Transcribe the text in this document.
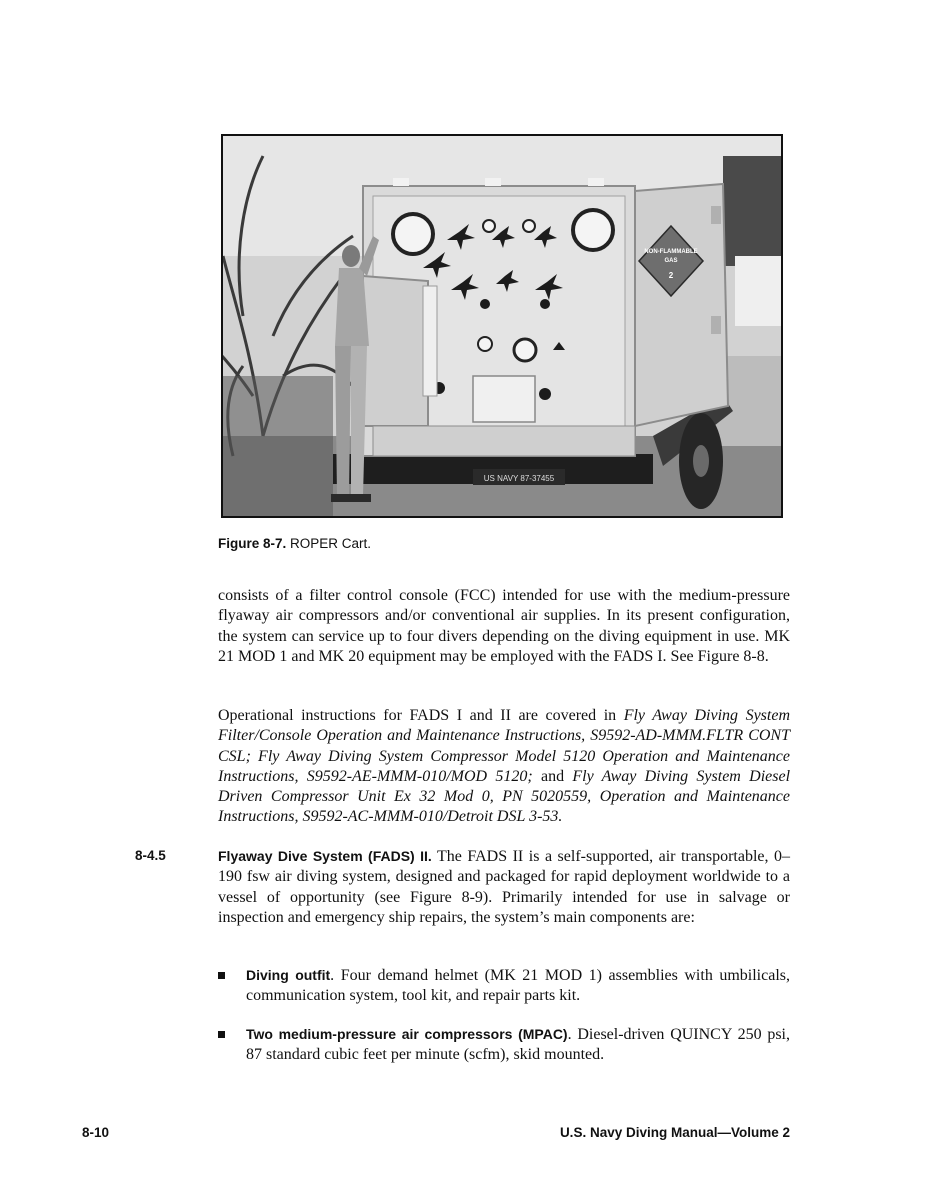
US NAVY 87-37455
NON-FLAMMABLE
GAS
2
Figure 8-7. ROPER Cart.

consists of a filter control console (FCC) intended for use with the medium-pressure flyaway air compressors and/or conventional air supplies. In its present configuration, the system can service up to four divers depending on the diving equipment in use. MK 21 MOD 1 and MK 20 equipment may be employed with the FADS I. See Figure 8-8.

Operational instructions for FADS I and II are covered in Fly Away Diving System Filter/Console Operation and Maintenance Instructions, S9592-AD-MMM.FLTR CONT CSL; Fly Away Diving System Compressor Model 5120 Operation and Maintenance Instructions, S9592-AE-MMM-010/MOD 5120; and Fly Away Diving System Diesel Driven Compressor Unit Ex 32 Mod 0, PN 5020559, Operation and Maintenance Instructions, S9592-AC-MMM-010/Detroit DSL 3-53.

8-4.5	Flyaway Dive System (FADS) II. The FADS II is a self-supported, air transportable, 0–190 fsw air diving system, designed and packaged for rapid deployment worldwide to a vessel of opportunity (see Figure 8-9). Primarily intended for use in salvage or inspection and emergency ship repairs, the system’s main components are:

Diving outfit. Four demand helmet (MK 21 MOD 1) assemblies with umbilicals, communication system, tool kit, and repair parts kit.
Two medium-pressure air compressors (MPAC). Diesel-driven QUINCY 250 psi, 87 standard cubic feet per minute (scfm), skid mounted.
8-10	U.S. Navy Diving Manual—Volume 2
